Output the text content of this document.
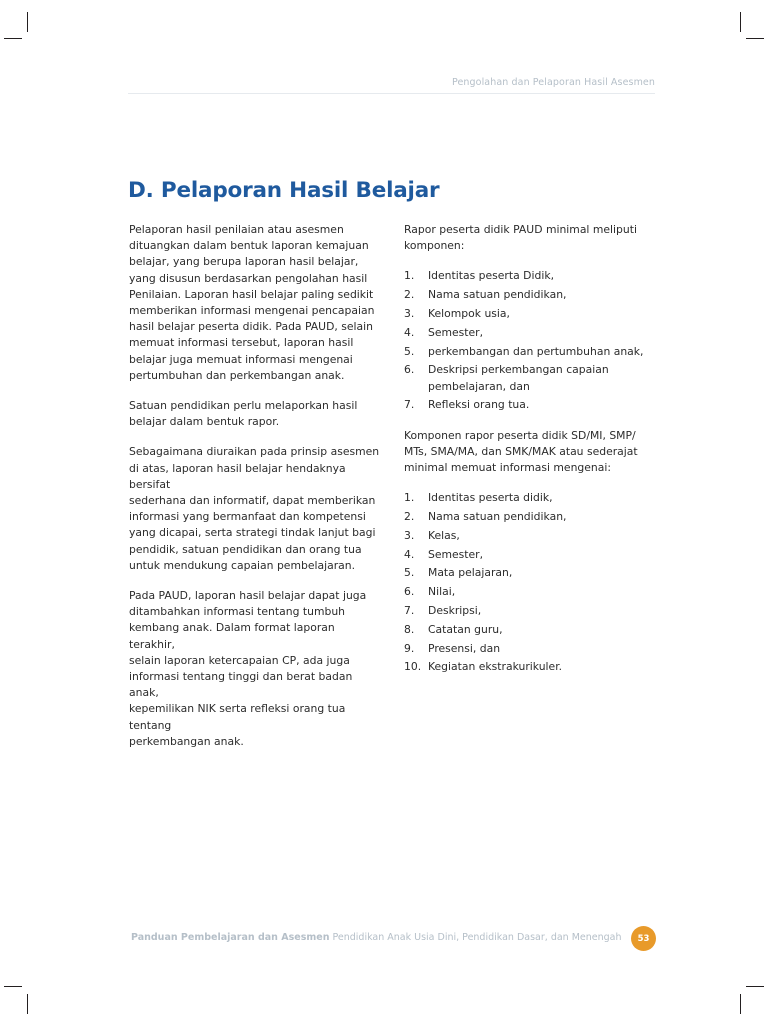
Pengolahan dan Pelaporan Hasil Asesmen
D. Pelaporan Hasil Belajar

Pelaporan hasil penilaian atau asesmen
dituangkan dalam bentuk laporan kemajuan
belajar, yang berupa laporan hasil belajar,
yang disusun berdasarkan pengolahan hasil
Penilaian. Laporan hasil belajar paling sedikit
memberikan informasi mengenai pencapaian
hasil belajar peserta didik. Pada PAUD, selain
memuat informasi tersebut, laporan hasil
belajar juga memuat informasi mengenai
pertumbuhan dan perkembangan anak.

Satuan pendidikan perlu melaporkan hasil
belajar dalam bentuk rapor.

Sebagaimana diuraikan pada prinsip asesmen
di atas, laporan hasil belajar hendaknya bersifat
sederhana dan informatif, dapat memberikan
informasi yang bermanfaat dan kompetensi
yang dicapai, serta strategi tindak lanjut bagi
pendidik, satuan pendidikan dan orang tua
untuk mendukung capaian pembelajaran.

Pada PAUD, laporan hasil belajar dapat juga
ditambahkan informasi tentang tumbuh
kembang anak. Dalam format laporan terakhir,
selain laporan ketercapaian CP, ada juga
informasi tentang tinggi dan berat badan anak,
kepemilikan NIK serta refleksi orang tua tentang
perkembangan anak.

Rapor peserta didik PAUD minimal meliputi
komponen:

1.	Identitas peserta Didik,
2.	Nama satuan pendidikan,
3.	Kelompok usia,
4.	Semester,
5.	perkembangan dan pertumbuhan anak,
6.	Deskripsi perkembangan capaian
pembelajaran, dan
7.	Refleksi orang tua.

Komponen rapor peserta didik SD/MI, SMP/
MTs, SMA/MA, dan SMK/MAK atau sederajat
minimal memuat informasi mengenai:

1.	Identitas peserta didik,
2.	Nama satuan pendidikan,
3.	Kelas,
4.	Semester,
5.	Mata pelajaran,
6.	Nilai,
7.	Deskripsi,
8.	Catatan guru,
9.	Presensi, dan
10. Kegiatan ekstrakurikuler.
Panduan Pembelajaran dan Asesmen Pendidikan Anak Usia Dini, Pendidikan Dasar, dan Menengah	53
